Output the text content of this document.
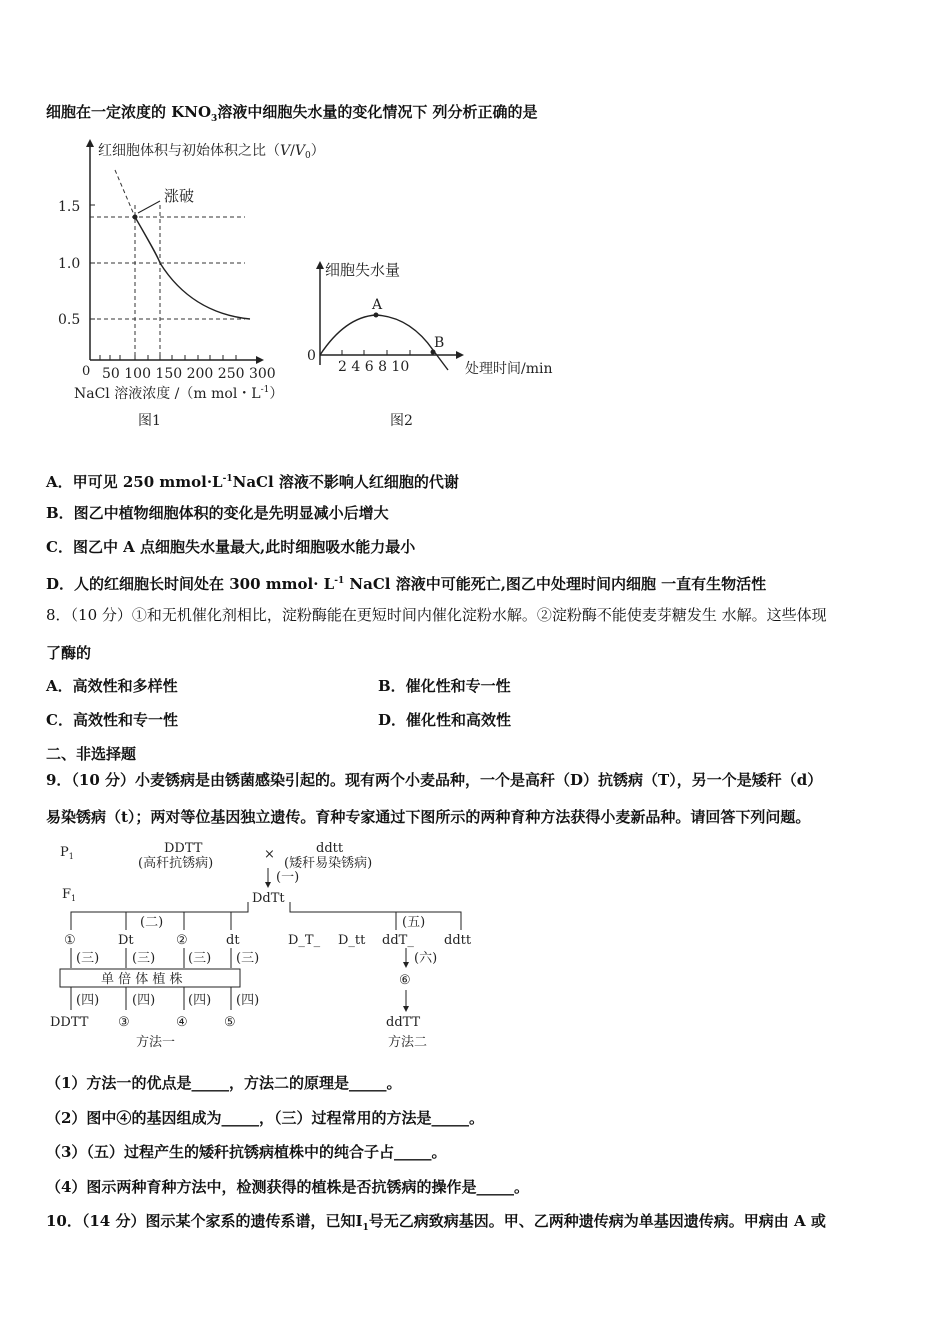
细胞在一定浓度的 $KNO_3$溶液中细胞失水量的变化情况下 列分析正确的是
红细胞体积与初始体积之比$(V/V_0)$
涨破
1.5
1.0
0.5
0 50 100 150 200 250 300
NaCl 溶液浓度 /（m mol・$L^{-1}$）
图1
细胞失水量
0
A
B
2 4 6 8 10	处理时间/min
图2
A．甲可见 250 $mmol\cdot L^{-1}NaCl$ 溶液不影响人红细胞的代谢
B．图乙中植物细胞体积的变化是先明显减小后增大
C．图乙中 A 点细胞失水量最大,此时细胞吸水能力最小
D．人的红细胞长时间处在 300 mmol· $L^{-1}$ NaCl 溶液中可能死亡,图乙中处理时间内细胞 一直有生物活性
8．（10 分）①和无机催化剂相比，淀粉酶能在更短时间内催化淀粉水解。②淀粉酶不能使麦芽糖发生 水解。这些体现
了酶的
A．高效性和多样性	B．催化性和专一性
C．高效性和专一性	D．催化性和高效性
二、非选择题
9．（10 分）小麦锈病是由锈菌感染引起的。现有两个小麦品种，一个是高秆（D）抗锈病（T），另一个是矮秆（d）
易染锈病（t）；两对等位基因独立遗传。育种专家通过下图所示的两种育种方法获得小麦新品种。请回答下列问题。
$P_1$
DDTT
(高秆抗锈病)
×	ddtt
(矮秆易染锈病)
(一)
$F_1$	DdTt
(二)
①	Dt	②	dt
(三)	(三)	(三) (三)
单 倍 体 植 株
(四)	(四)	(四) (四)
DDTT ③	④	⑤
方法一
(五)
D_T_ D_tt ddT_ ddtt
(六)
⑥
ddTT
方法二
（1）方法一的优点是_____，方法二的原理是_____。
（2）图中④的基因组成为_____，（三）过程常用的方法是_____。
（3）（五）过程产生的矮秆抗锈病植株中的纯合子占_____。
（4）图示两种育种方法中，检测获得的植株是否抗锈病的操作是_____。
10．（14 分）图示某个家系的遗传系谱，已知$Ⅰ_1$号无乙病致病基因。甲、乙两种遗传病为单基因遗传病。甲病由 A 或
